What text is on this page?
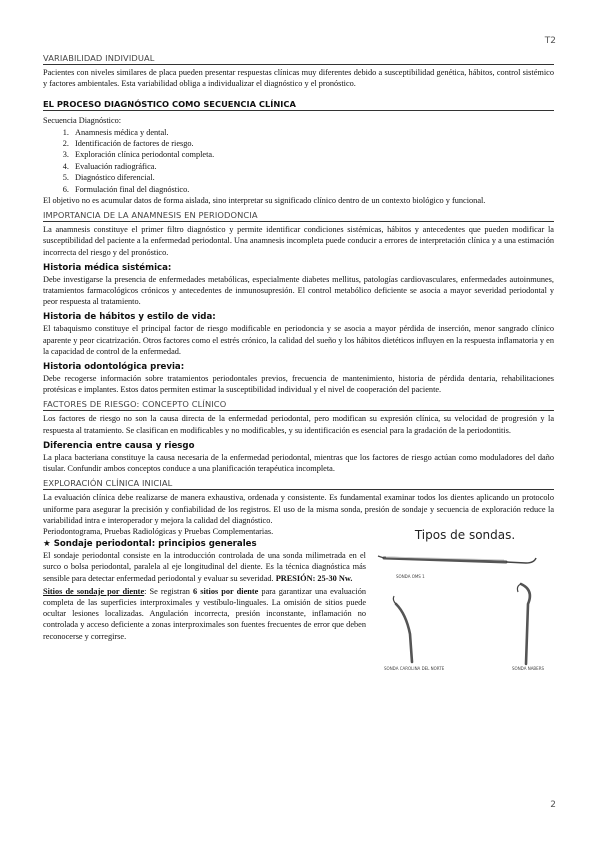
T2
VARIABILIDAD INDIVIDUAL

Pacientes con niveles similares de placa pueden presentar respuestas clínicas muy diferentes debido a susceptibilidad genética, hábitos, control sistémico y factores ambientales. Esta variabilidad obliga a individualizar el diagnóstico y el pronóstico.

EL PROCESO DIAGNÓSTICO COMO SECUENCIA CLÍNICA

Secuencia Diagnóstico:

1. Anamnesis médica y dental.
2. Identificación de factores de riesgo.
3. Exploración clínica periodontal completa.
4. Evaluación radiográfica.
5. Diagnóstico diferencial.
6. Formulación final del diagnóstico.

El objetivo no es acumular datos de forma aislada, sino interpretar su significado clínico dentro de un contexto biológico y funcional.

IMPORTANCIA DE LA ANAMNESIS EN PERIODONCIA

La anamnesis constituye el primer filtro diagnóstico y permite identificar condiciones sistémicas, hábitos y antecedentes que pueden modificar la susceptibilidad del paciente a la enfermedad periodontal. Una anamnesis incompleta puede conducir a errores de interpretación clínica y a una estimación incorrecta del riesgo y del pronóstico.

Historia médica sistémica:

Debe investigarse la presencia de enfermedades metabólicas, especialmente diabetes mellitus, patologías cardiovasculares, enfermedades autoinmunes, tratamientos farmacológicos crónicos y antecedentes de inmunosupresión. El control metabólico deficiente se asocia a mayor severidad periodontal y peor respuesta al tratamiento.

Historia de hábitos y estilo de vida:

El tabaquismo constituye el principal factor de riesgo modificable en periodoncia y se asocia a mayor pérdida de inserción, menor sangrado clínico aparente y peor cicatrización. Otros factores como el estrés crónico, la calidad del sueño y los hábitos dietéticos influyen en la respuesta inflamatoria y en la capacidad de control de la enfermedad.

Historia odontológica previa:

Debe recogerse información sobre tratamientos periodontales previos, frecuencia de mantenimiento, historia de pérdida dentaria, rehabilitaciones protésicas e implantes. Estos datos permiten estimar la susceptibilidad individual y el nivel de cooperación del paciente.

FACTORES DE RIESGO: CONCEPTO CLÍNICO

Los factores de riesgo no son la causa directa de la enfermedad periodontal, pero modifican su expresión clínica, su velocidad de progresión y la respuesta al tratamiento. Se clasifican en modificables y no modificables, y su identificación es esencial para la gradación de la periodontitis.

Diferencia entre causa y riesgo

La placa bacteriana constituye la causa necesaria de la enfermedad periodontal, mientras que los factores de riesgo actúan como moduladores del daño tisular. Confundir ambos conceptos conduce a una planificación terapéutica incompleta.

EXPLORACIÓN CLÍNICA INICIAL

La evaluación clínica debe realizarse de manera exhaustiva, ordenada y consistente. Es fundamental examinar todos los dientes aplicando un protocolo uniforme para asegurar la precisión y confiabilidad de los registros. El uso de la misma sonda, presión de sondaje y secuencia de exploración reduce la variabilidad intra e interoperador y mejora la calidad del diagnóstico.

Periodontograma, Pruebas Radiológicas y Pruebas Complementarias.

★ Sondaje periodontal: principios generales

El sondaje periodontal consiste en la introducción controlada de una sonda milimetrada en el surco o bolsa periodontal, paralela al eje longitudinal del diente. Es la técnica diagnóstica más sensible para detectar enfermedad periodontal y evaluar su severidad. PRESIÓN: 25-30 Nw.

Sitios de sondaje por diente: Se registran 6 sitios por diente para garantizar una evaluación completa de las superficies interproximales y vestíbulo-linguales. La omisión de sitios puede ocultar lesiones localizadas. Angulación incorrecta, presión inconstante, inflamación no controlada y acceso deficiente a zonas interproximales son fuentes frecuentes de error que deben reconocerse y corregirse.

Tipos de sondas.
SONDA OMS 1
SONDA CAROLINA DEL NORTE	SONDA NABERS
2
